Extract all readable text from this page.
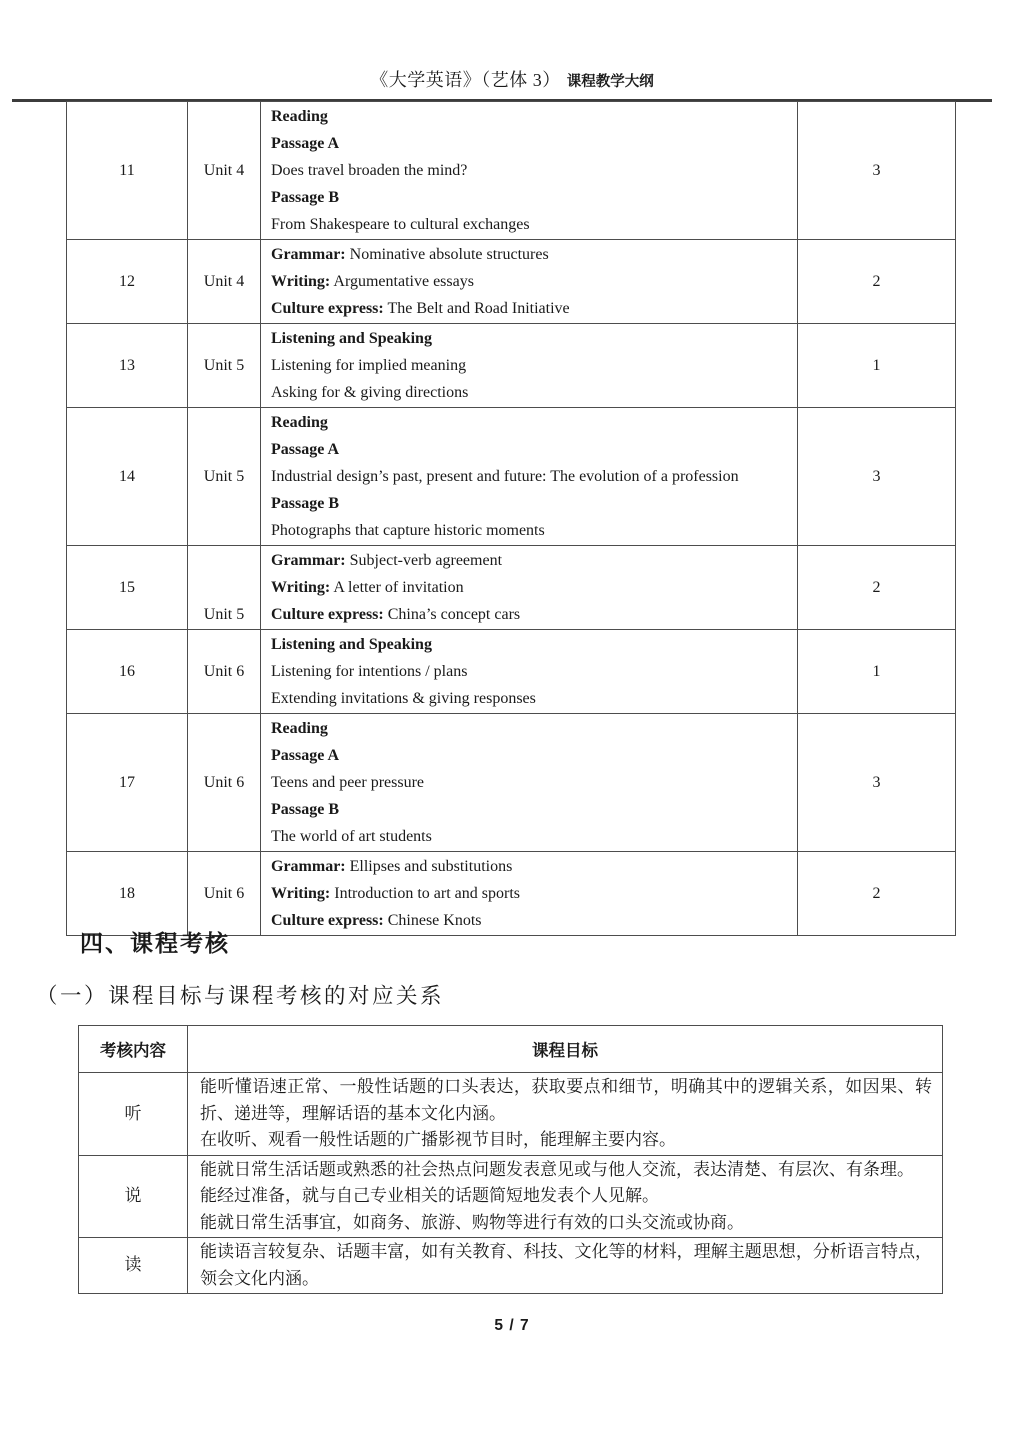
《大学英语》（艺体 3） 课程教学大纲
11	Unit 4	Reading
Passage A
Does travel broaden the mind?
Passage B
From Shakespeare to cultural exchanges	3
12	Unit 4	Grammar: Nominative absolute structures
Writing: Argumentative essays
Culture express: The Belt and Road Initiative	2
13	Unit 5	Listening and Speaking
Listening for implied meaning
Asking for & giving directions	1
14	Unit 5	Reading
Passage A
Industrial design’s past, present and future: The evolution of a profession
Passage B
Photographs that capture historic moments	3
15	Unit 5	Grammar: Subject-verb agreement
Writing: A letter of invitation
Culture express: China’s concept cars	2
16	Unit 6	Listening and Speaking
Listening for intentions / plans
Extending invitations & giving responses	1
17	Unit 6	Reading
Passage A
Teens and peer pressure
Passage B
The world of art students	3
18	Unit 6	Grammar: Ellipses and substitutions
Writing: Introduction to art and sports
Culture express: Chinese Knots	2
四、课程考核
（一）课程目标与课程考核的对应关系
考核内容	课程目标
听	能听懂语速正常、一般性话题的口头表达，获取要点和细节，明确其中的逻辑关系，如因果、转折、递进等，理解话语的基本文化内涵。
在收听、观看一般性话题的广播影视节目时，能理解主要内容。

说	能就日常生活话题或熟悉的社会热点问题发表意见或与他人交流，表达清楚、有层次、有条理。
能经过准备，就与自己专业相关的话题简短地发表个人见解。
能就日常生活事宜，如商务、旅游、购物等进行有效的口头交流或协商。

读	能读语言较复杂、话题丰富，如有关教育、科技、文化等的材料，理解主题思想，分析语言特点，领会文化内涵。
5 / 7
